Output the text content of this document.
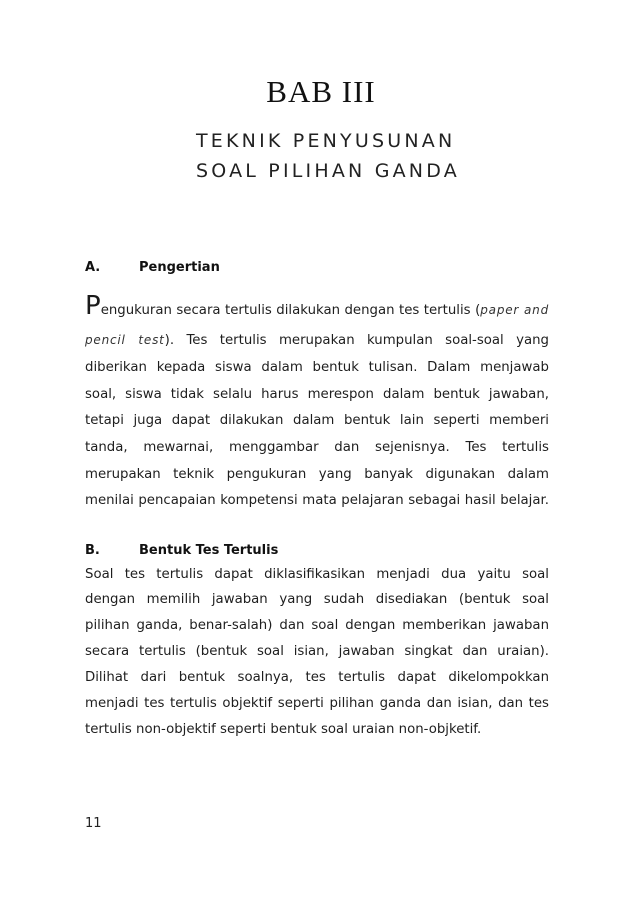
BAB III
TEKNIK PENYUSUNAN
SOAL PILIHAN GANDA
A.	Pengertian
Pengukuran secara tertulis dilakukan dengan tes tertulis (paper and
pencil test). Tes tertulis merupakan kumpulan soal-soal yang
diberikan kepada siswa dalam bentuk tulisan. Dalam menjawab
soal, siswa tidak selalu harus merespon dalam bentuk jawaban,
tetapi juga dapat dilakukan dalam bentuk lain seperti memberi
tanda, mewarnai, menggambar dan sejenisnya. Tes tertulis
merupakan teknik pengukuran yang banyak digunakan dalam
menilai pencapaian kompetensi mata pelajaran sebagai hasil belajar.
B.	Bentuk Tes Tertulis
Soal tes tertulis dapat diklasifikasikan menjadi dua yaitu soal
dengan memilih jawaban yang sudah disediakan (bentuk soal
pilihan ganda, benar-salah) dan soal dengan memberikan jawaban
secara tertulis (bentuk soal isian, jawaban singkat dan uraian).
Dilihat dari bentuk soalnya, tes tertulis dapat dikelompokkan
menjadi tes tertulis objektif seperti pilihan ganda dan isian, dan tes
tertulis non-objektif seperti bentuk soal uraian non-objketif.
11
